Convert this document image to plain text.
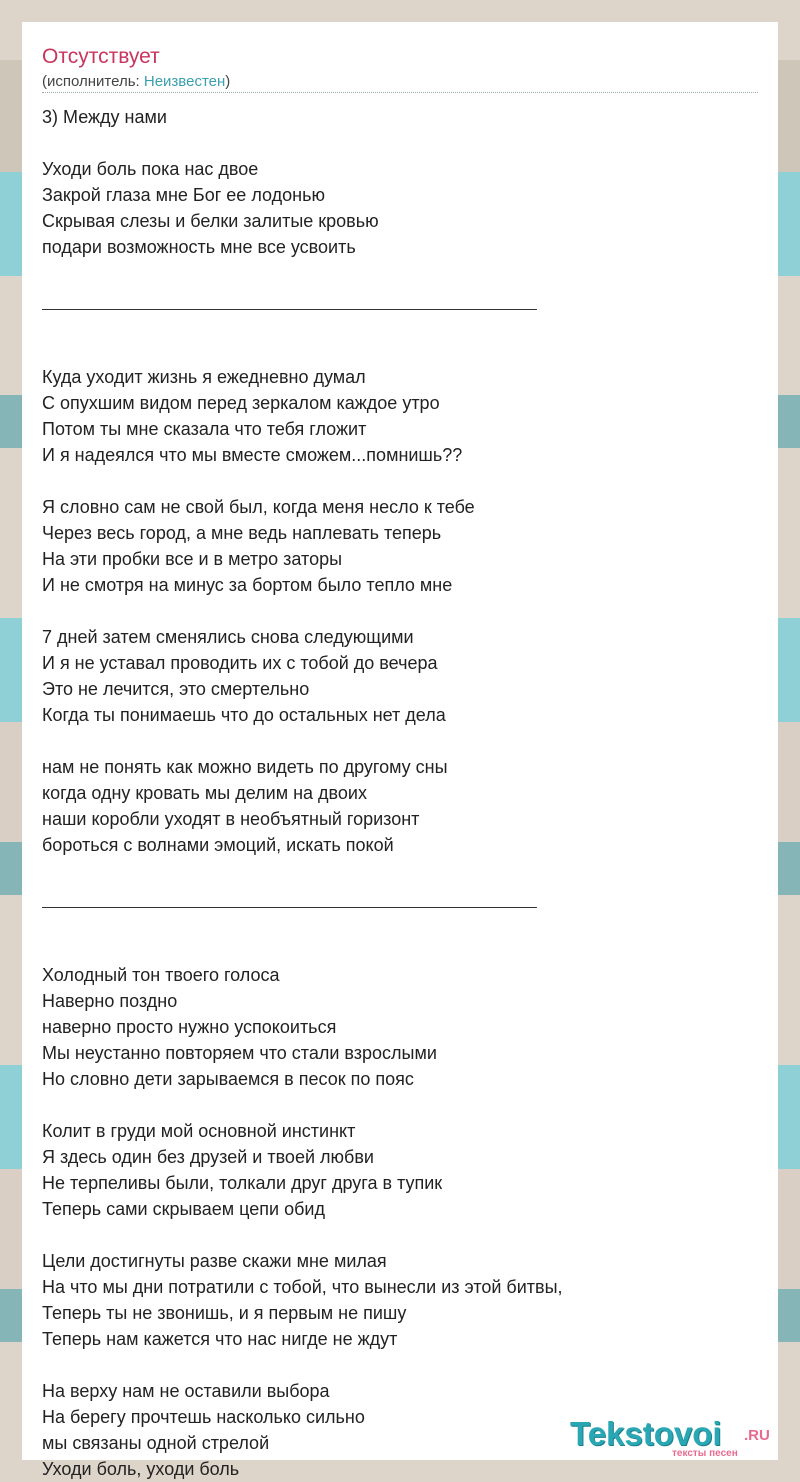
Отсутствует
(исполнитель: Неизвестен)
3) Между нами
Уходи боль пока нас двое
Закрой глаза мне Бог ее лодонью
Скрывая слезы и белки залитые кровью
подари возможность мне все усвоить
Куда уходит жизнь я ежедневно думал
С опухшим видом перед зеркалом каждое утро
Потом ты мне сказала что тебя гложит
И я надеялся что мы вместе сможем...помнишь??
Я словно сам не свой был, когда меня несло к тебе
Через весь город, а мне ведь наплевать теперь
На эти пробки все и в метро заторы
И не смотря на минус за бортом было тепло мне
7 дней затем сменялись снова следующими
И я не уставал проводить их с тобой до вечера
Это не лечится, это смертельно
Когда ты понимаешь что до остальных нет дела
нам не понять как можно видеть по другому сны
когда одну кровать мы делим на двоих
наши коробли уходят в необъятный горизонт
бороться с волнами эмоций, искать покой
Холодный тон твоего голоса
Наверно поздно
наверно просто нужно успокоиться
Мы неустанно повторяем что стали взрослыми
Но словно дети зарываемся в песок по пояс
Колит в груди мой основной инстинкт
Я здесь один без друзей и твоей любви
Не терпеливы были, толкали друг друга в тупик
Теперь сами скрываем цепи обид
Цели достигнуты разве скажи мне милая
На что мы дни потратили с тобой, что вынесли из этой битвы,
Теперь ты не звонишь, и я первым не пишу
Теперь нам кажется что нас нигде не ждут
На верху нам не оставили выбора
На берегу прочтешь насколько сильно
мы связаны одной стрелой
Уходи боль, уходи боль
Tekstovoi .RU
тексты песен
